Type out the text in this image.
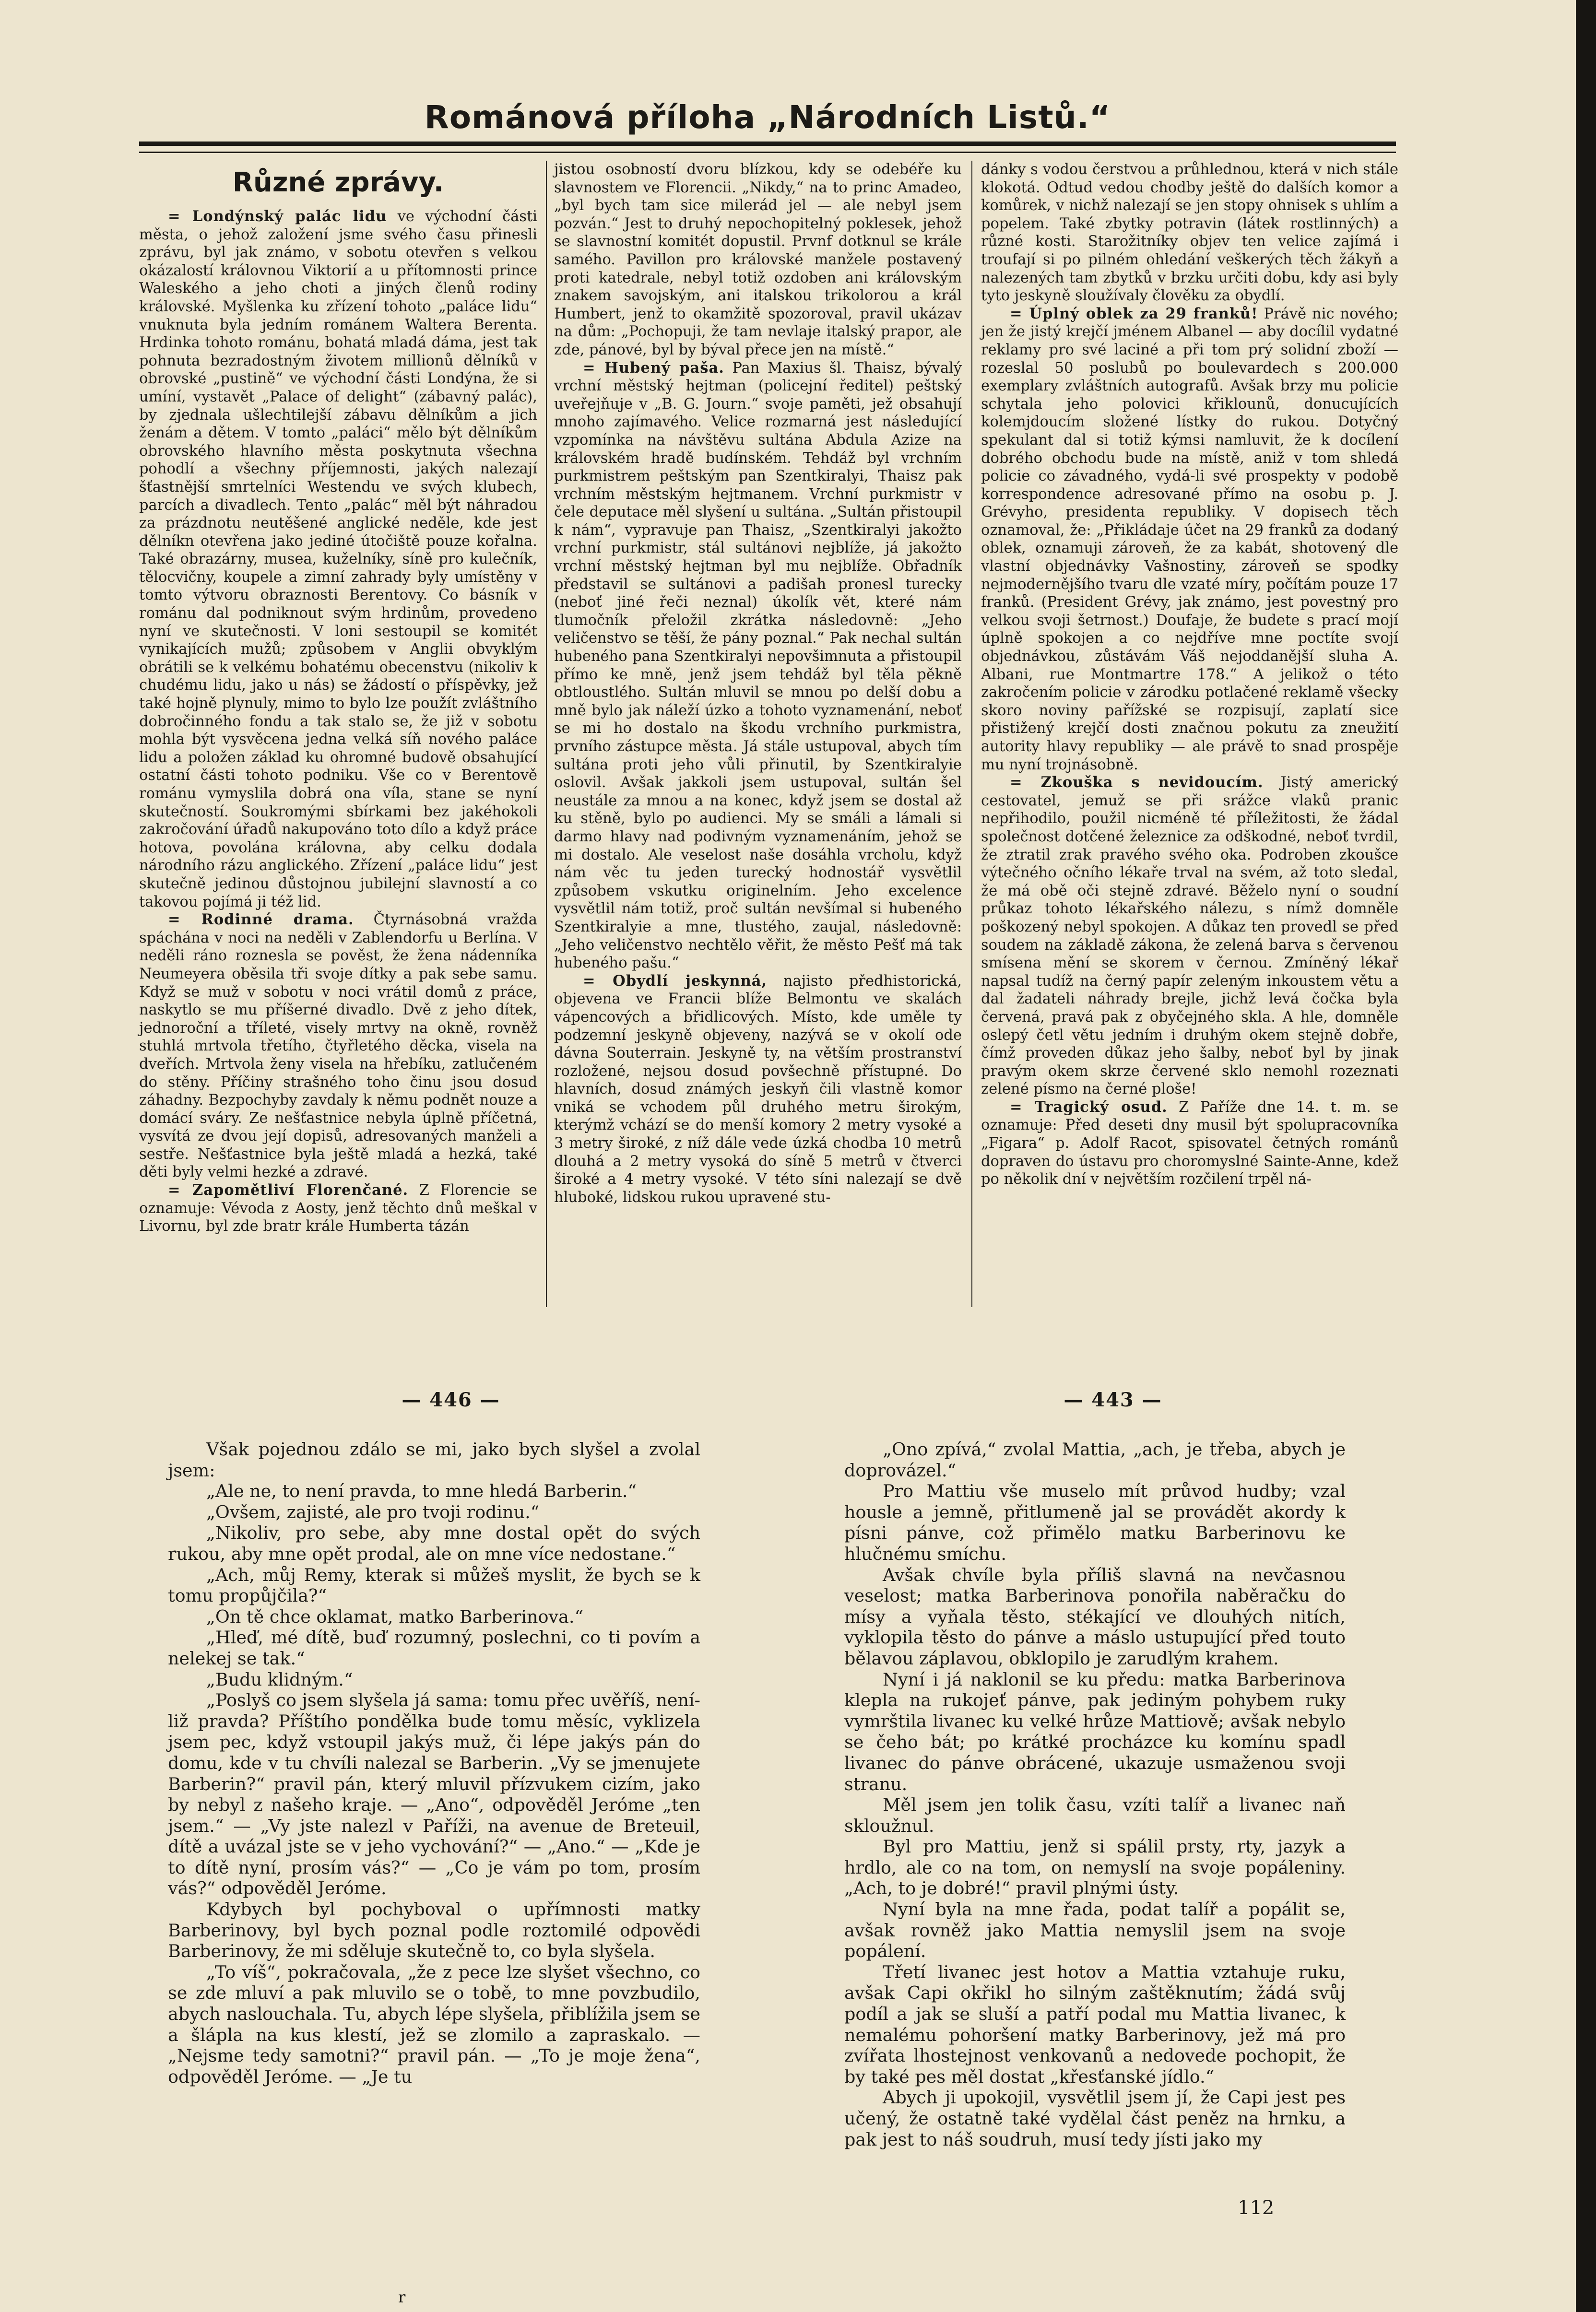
Románová příloha „Národních Listů.“

Různé zprávy.

= Londýnský palác lidu ve východní části města, o jehož založení jsme svého času přinesli zprávu, byl jak známo, v sobotu otevřen s velkou okázalostí královnou Viktorií a u přítomnosti prince Waleského a jeho choti a jiných členů rodiny královské. Myšlenka ku zřízení tohoto „paláce lidu“ vnuknuta byla jedním románem Waltera Berenta. Hrdinka tohoto románu, bohatá mladá dáma, jest tak pohnuta bezradostným životem millionů dělníků v obrovské „pustině“ ve východní části Londýna, že si umíní, vystavět „Palace of delight“ (zábavný palác), by zjednala ušlechtilejší zábavu dělníkům a jich ženám a dětem. V tomto „paláci“ mělo být dělníkům obrovského hlavního města poskytnuta všechna pohodlí a všechny příjemnosti, jakých nalezají šťastnější smrtelníci Westendu ve svých klubech, parcích a divadlech. Tento „palác“ měl být náhradou za prázdnotu neutěšené anglické neděle, kde jest dělníkn otevřena jako jediné útočiště pouze kořalna. Také obrazárny, musea, kuželníky, síně pro kulečník, tělocvičny, koupele a zimní zahrady byly umístěny v tomto výtvoru obraznosti Berentovy. Co básník v románu dal podniknout svým hrdinům, provedeno nyní ve skutečnosti. V loni sestoupil se komitét vynikajících mužů; způsobem v Anglii obvyklým obrátili se k velkému bohatému obecenstvu (nikoliv k chudému lidu, jako u nás) se žádostí o příspěvky, jež také hojně plynuly, mimo to bylo lze použít zvláštního dobročinného fondu a tak stalo se, že již v sobotu mohla být vysvěcena jedna velká síň nového paláce lidu a položen základ ku ohromné budově obsahující ostatní části tohoto podniku. Vše co v Berentově románu vymyslila dobrá ona víla, stane se nyní skutečností. Soukromými sbírkami bez jakéhokoli zakročování úřadů nakupováno toto dílo a když práce hotova, povolána královna, aby celku dodala národního rázu anglického. Zřízení „paláce lidu“ jest skutečně jedinou důstojnou jubilejní slavností a co takovou pojímá ji též lid.

= Rodinné drama. Čtyrnásobná vražda spáchána v noci na neděli v Zablendorfu u Berlína. V neděli ráno roznesla se pověst, že žena nádenníka Neumeyera oběsila tři svoje dítky a pak sebe samu. Když se muž v sobotu v noci vrátil domů z práce, naskytlo se mu příšerné divadlo. Dvě z jeho dítek, jednoroční a tříleté, visely mrtvy na okně, rovněž stuhlá mrtvola třetího, čtyřletého děcka, visela na dveřích. Mrtvola ženy visela na hřebíku, zatlučeném do stěny. Příčiny strašného toho činu jsou dosud záhadny. Bezpochyby zavdaly k němu podnět nouze a domácí sváry. Ze nešťastnice nebyla úplně příčetná, vysvítá ze dvou její dopisů, adresovaných manželi a sestře. Nešťastnice byla ještě mladá a hezká, také děti byly velmi hezké a zdravé.

= Zapomětliví Florenčané. Z Florencie se oznamuje: Vévoda z Aosty, jenž těchto dnů meškal v Livornu, byl zde bratr krále Humberta tázán

jistou osobností dvoru blízkou, kdy se odebéře ku slavnostem ve Florencii. „Nikdy,“ na to princ Amadeo, „byl bych tam sice milerád jel — ale nebyl jsem pozván.“ Jest to druhý nepochopitelný poklesek, jehož se slavnostní komitét dopustil. Prvnf dotknul se krále samého. Pavillon pro královské manžele postavený proti katedrale, nebyl totiž ozdoben ani královským znakem savojským, ani italskou trikolorou a král Humbert, jenž to okamžitě spozoroval, pravil ukázav na dům: „Pochopuji, že tam nevlaje italský prapor, ale zde, pánové, byl by býval přece jen na místě.“

= Hubený paša. Pan Maxius šl. Thaisz, bývalý vrchní městský hejtman (policejní ředitel) peštský uveřejňuje v „B. G. Journ.“ svoje paměti, jež obsahují mnoho zajímavého. Velice rozmarná jest následující vzpomínka na návštěvu sultána Abdula Azize na královském hradě budínském. Tehdáž byl vrchním purkmistrem peštským pan Szentkiralyi, Thaisz pak vrchním městským hejtmanem. Vrchní purkmistr v čele deputace měl slyšení u sultána. „Sultán přistoupil k nám“, vypravuje pan Thaisz, „Szentkiralyi jakožto vrchní purkmistr, stál sultánovi nejblíže, já jakožto vrchní městský hejtman byl mu nejblíže. Obřadník představil se sultánovi a padišah pronesl turecky (neboť jiné řeči neznal) úkolík vět, které nám tlumočník přeložil zkrátka následovně: „Jeho veličenstvo se těší, že pány poznal.“ Pak nechal sultán hubeného pana Szentkiralyi nepovšimnuta a přistoupil přímo ke mně, jenž jsem tehdáž byl těla pěkně obtloustlého. Sultán mluvil se mnou po delší dobu a mně bylo jak náleží úzko a tohoto vyznamenání, neboť se mi ho dostalo na škodu vrchního purkmistra, prvního zástupce města. Já stále ustupoval, abych tím sultána proti jeho vůli přinutil, by Szentkiralyie oslovil. Avšak jakkoli jsem ustupoval, sultán šel neustále za mnou a na konec, když jsem se dostal až ku stěně, bylo po audienci. My se smáli a lámali si darmo hlavy nad podivným vyznamenáním, jehož se mi dostalo. Ale veselost naše dosáhla vrcholu, když nám věc tu jeden turecký hodnostář vysvětlil způsobem vskutku originelním. Jeho excelence vysvětlil nám totiž, proč sultán nevšímal si hubeného Szentkiralyie a mne, tlustého, zaujal, následovně: „Jeho veličenstvo nechtělo věřit, že město Pešť má tak hubeného pašu.“

= Obydlí jeskynná, najisto předhistorická, objevena ve Francii blíže Belmontu ve skalách vápencových a břidlicových. Místo, kde uměle ty podzemní jeskyně objeveny, nazývá se v okolí ode dávna Souterrain. Jeskyně ty, na větším prostranství rozložené, nejsou dosud povšechně přístupné. Do hlavních, dosud známých jeskyň čili vlastně komor vniká se vchodem půl druhého metru širokým, kterýmž vchází se do menší komory 2 metry vysoké a 3 metry široké, z níž dále vede úzká chodba 10 metrů dlouhá a 2 metry vysoká do síně 5 metrů v čtverci široké a 4 metry vysoké. V této síni nalezají se dvě hluboké, lidskou rukou upravené stu-

dánky s vodou čerstvou a průhlednou, která v nich stále klokotá. Odtud vedou chodby ještě do dalších komor a komůrek, v nichž nalezají se jen stopy ohnisek s uhlím a popelem. Také zbytky potravin (látek rostlinných) a různé kosti. Starožitníky objev ten velice zajímá i troufají si po pilném ohledání veškerých těch žákyň a nalezených tam zbytků v brzku určiti dobu, kdy asi byly tyto jeskyně sloužívaly člověku za obydlí.

= Úplný oblek za 29 franků! Právě nic nového; jen že jistý krejčí jménem Albanel — aby docílil vydatné reklamy pro své laciné a při tom prý solidní zboží — rozeslal 50 poslubů po boulevardech s 200.000 exemplary zvláštních autografů. Avšak brzy mu policie schytala jeho polovici křiklounů, donucujících kolemjdoucím složené lístky do rukou. Dotyčný spekulant dal si totiž kýmsi namluvit, že k docílení dobrého obchodu bude na místě, aniž v tom shledá policie co závadného, vydá-li své prospekty v podobě korrespondence adresované přímo na osobu p. J. Grévyho, presidenta republiky. V dopisech těch oznamoval, že: „Přikládaje účet na 29 franků za dodaný oblek, oznamuji zároveň, že za kabát, shotovený dle vlastní objednávky Vašnostiny, zároveň se spodky nejmodernějšího tvaru dle vzaté míry, počítám pouze 17 franků. (President Grévy, jak známo, jest povestný pro velkou svoji šetrnost.) Doufaje, že budete s prací mojí úplně spokojen a co nejdříve mne poctíte svojí objednávkou, zůstávám Váš nejoddanější sluha A. Albani, rue Montmartre 178.“ A jelikož o této zakročením policie v zárodku potlačené reklamě všecky skoro noviny pařížské se rozpisují, zaplatí sice přistižený krejčí dosti značnou pokutu za zneužití autority hlavy republiky — ale právě to snad prospěje mu nyní trojnásobně.

= Zkouška s nevidoucím. Jistý americký cestovatel, jemuž se při srážce vlaků pranic nepřihodilo, použil nicméně té příležitosti, že žádal společnost dotčené železnice za odškodné, neboť tvrdil, že ztratil zrak pravého svého oka. Podroben zkoušce výtečného očního lékaře trval na svém, až toto sledal, že má obě oči stejně zdravé. Běželo nyní o soudní průkaz tohoto lékařského nálezu, s nímž domněle poškozený nebyl spokojen. A důkaz ten provedl se před soudem na základě zákona, že zelená barva s červenou smísena mění se skorem v černou. Zmíněný lékař napsal tudíž na černý papír zeleným inkoustem větu a dal žadateli náhrady brejle, jichž levá čočka byla červená, pravá pak z obyčejného skla. A hle, domněle oslepý četl větu jedním i druhým okem stejně dobře, čímž proveden důkaz jeho šalby, neboť byl by jinak pravým okem skrze červené sklo nemohl rozeznati zelené písmo na černé ploše!

= Tragický osud. Z Paříže dne 14. t. m. se oznamuje: Před deseti dny musil být spolupracovníka „Figara“ p. Adolf Racot, spisovatel četných románů dopraven do ústavu pro choromyslné Sainte-Anne, kdež po několik dní v největším rozčilení trpěl ná-

— 446 —	— 443 —

Však pojednou zdálo se mi, jako bych slyšel a zvolal jsem:

„Ale ne, to není pravda, to mne hledá Barberin.“

„Ovšem, zajisté, ale pro tvoji rodinu.“

„Nikoliv, pro sebe, aby mne dostal opět do svých rukou, aby mne opět prodal, ale on mne více nedostane.“

„Ach, můj Remy, kterak si můžeš myslit, že bych se k tomu propůjčila?“

„On tě chce oklamat, matko Barberinova.“

„Hleď, mé dítě, buď rozumný, poslechni, co ti povím a nelekej se tak.“

„Budu klidným.“

„Poslyš co jsem slyšela já sama: tomu přec uvěříš, není-liž pravda? Příštího pondělka bude tomu měsíc, vyklizela jsem pec, když vstoupil jakýs muž, či lépe jakýs pán do domu, kde v tu chvíli nalezal se Barberin. „Vy se jmenujete Barberin?“ pravil pán, který mluvil přízvukem cizím, jako by nebyl z našeho kraje. — „Ano“, odpověděl Jeróme „ten jsem.“ — „Vy jste nalezl v Paříži, na avenue de Breteuil, dítě a uvázal jste se v jeho vychování?“ — „Ano.“ — „Kde je to dítě nyní, prosím vás?“ — „Co je vám po tom, prosím vás?“ odpověděl Jeróme.

Kdybych byl pochyboval o upřímnosti matky Barberinovy, byl bych poznal podle roztomilé odpovědi Barberinovy, že mi sděluje skutečně to, co byla slyšela.

„To víš“, pokračovala, „že z pece lze slyšet všechno, co se zde mluví a pak mluvilo se o tobě, to mne povzbudilo, abych naslouchala. Tu, abych lépe slyšela, přiblížila jsem se a šlápla na kus klestí, jež se zlomilo a zapraskalo. — „Nejsme tedy samotni?“ pravil pán. — „To je moje žena“, odpověděl Jeróme. — „Je tu

„Ono zpívá,“ zvolal Mattia, „ach, je třeba, abych je doprovázel.“

Pro Mattiu vše muselo mít průvod hudby; vzal housle a jemně, přitlumeně jal se provádět akordy k písni pánve, což přimělo matku Barberinovu ke hlučnému smíchu.

Avšak chvíle byla příliš slavná na nevčasnou veselost; matka Barberinova ponořila naběračku do mísy a vyňala těsto, stékající ve dlouhých nitích, vyklopila těsto do pánve a máslo ustupující před touto bělavou záplavou, obklopilo je zarudlým krahem.

Nyní i já naklonil se ku předu: matka Barberinova klepla na rukojeť pánve, pak jediným pohybem ruky vymrštila livanec ku velké hrůze Mattiově; avšak nebylo se čeho bát; po krátké procházce ku komínu spadl livanec do pánve obrácené, ukazuje usmaženou svoji stranu.

Měl jsem jen tolik času, vzíti talíř a livanec naň skloužnul.

Byl pro Mattiu, jenž si spálil prsty, rty, jazyk a hrdlo, ale co na tom, on nemyslí na svoje popáleniny. „Ach, to je dobré!“ pravil plnými ústy.

Nyní byla na mne řada, podat talíř a popálit se, avšak rovněž jako Mattia nemyslil jsem na svoje popálení.

Třetí livanec jest hotov a Mattia vztahuje ruku, avšak Capi okřikl ho silným zaštěknutím; žádá svůj podíl a jak se sluší a patří podal mu Mattia livanec, k nemalému pohoršení matky Barberinovy, jež má pro zvířata lhostejnost venkovanů a nedovede pochopit, že by také pes měl dostat „křesťanské jídlo.“

Abych ji upokojil, vysvětlil jsem jí, že Capi jest pes učený, že ostatně také vydělal část peněz na hrnku, a pak jest to náš soudruh, musí tedy jísti jako my

112
r
